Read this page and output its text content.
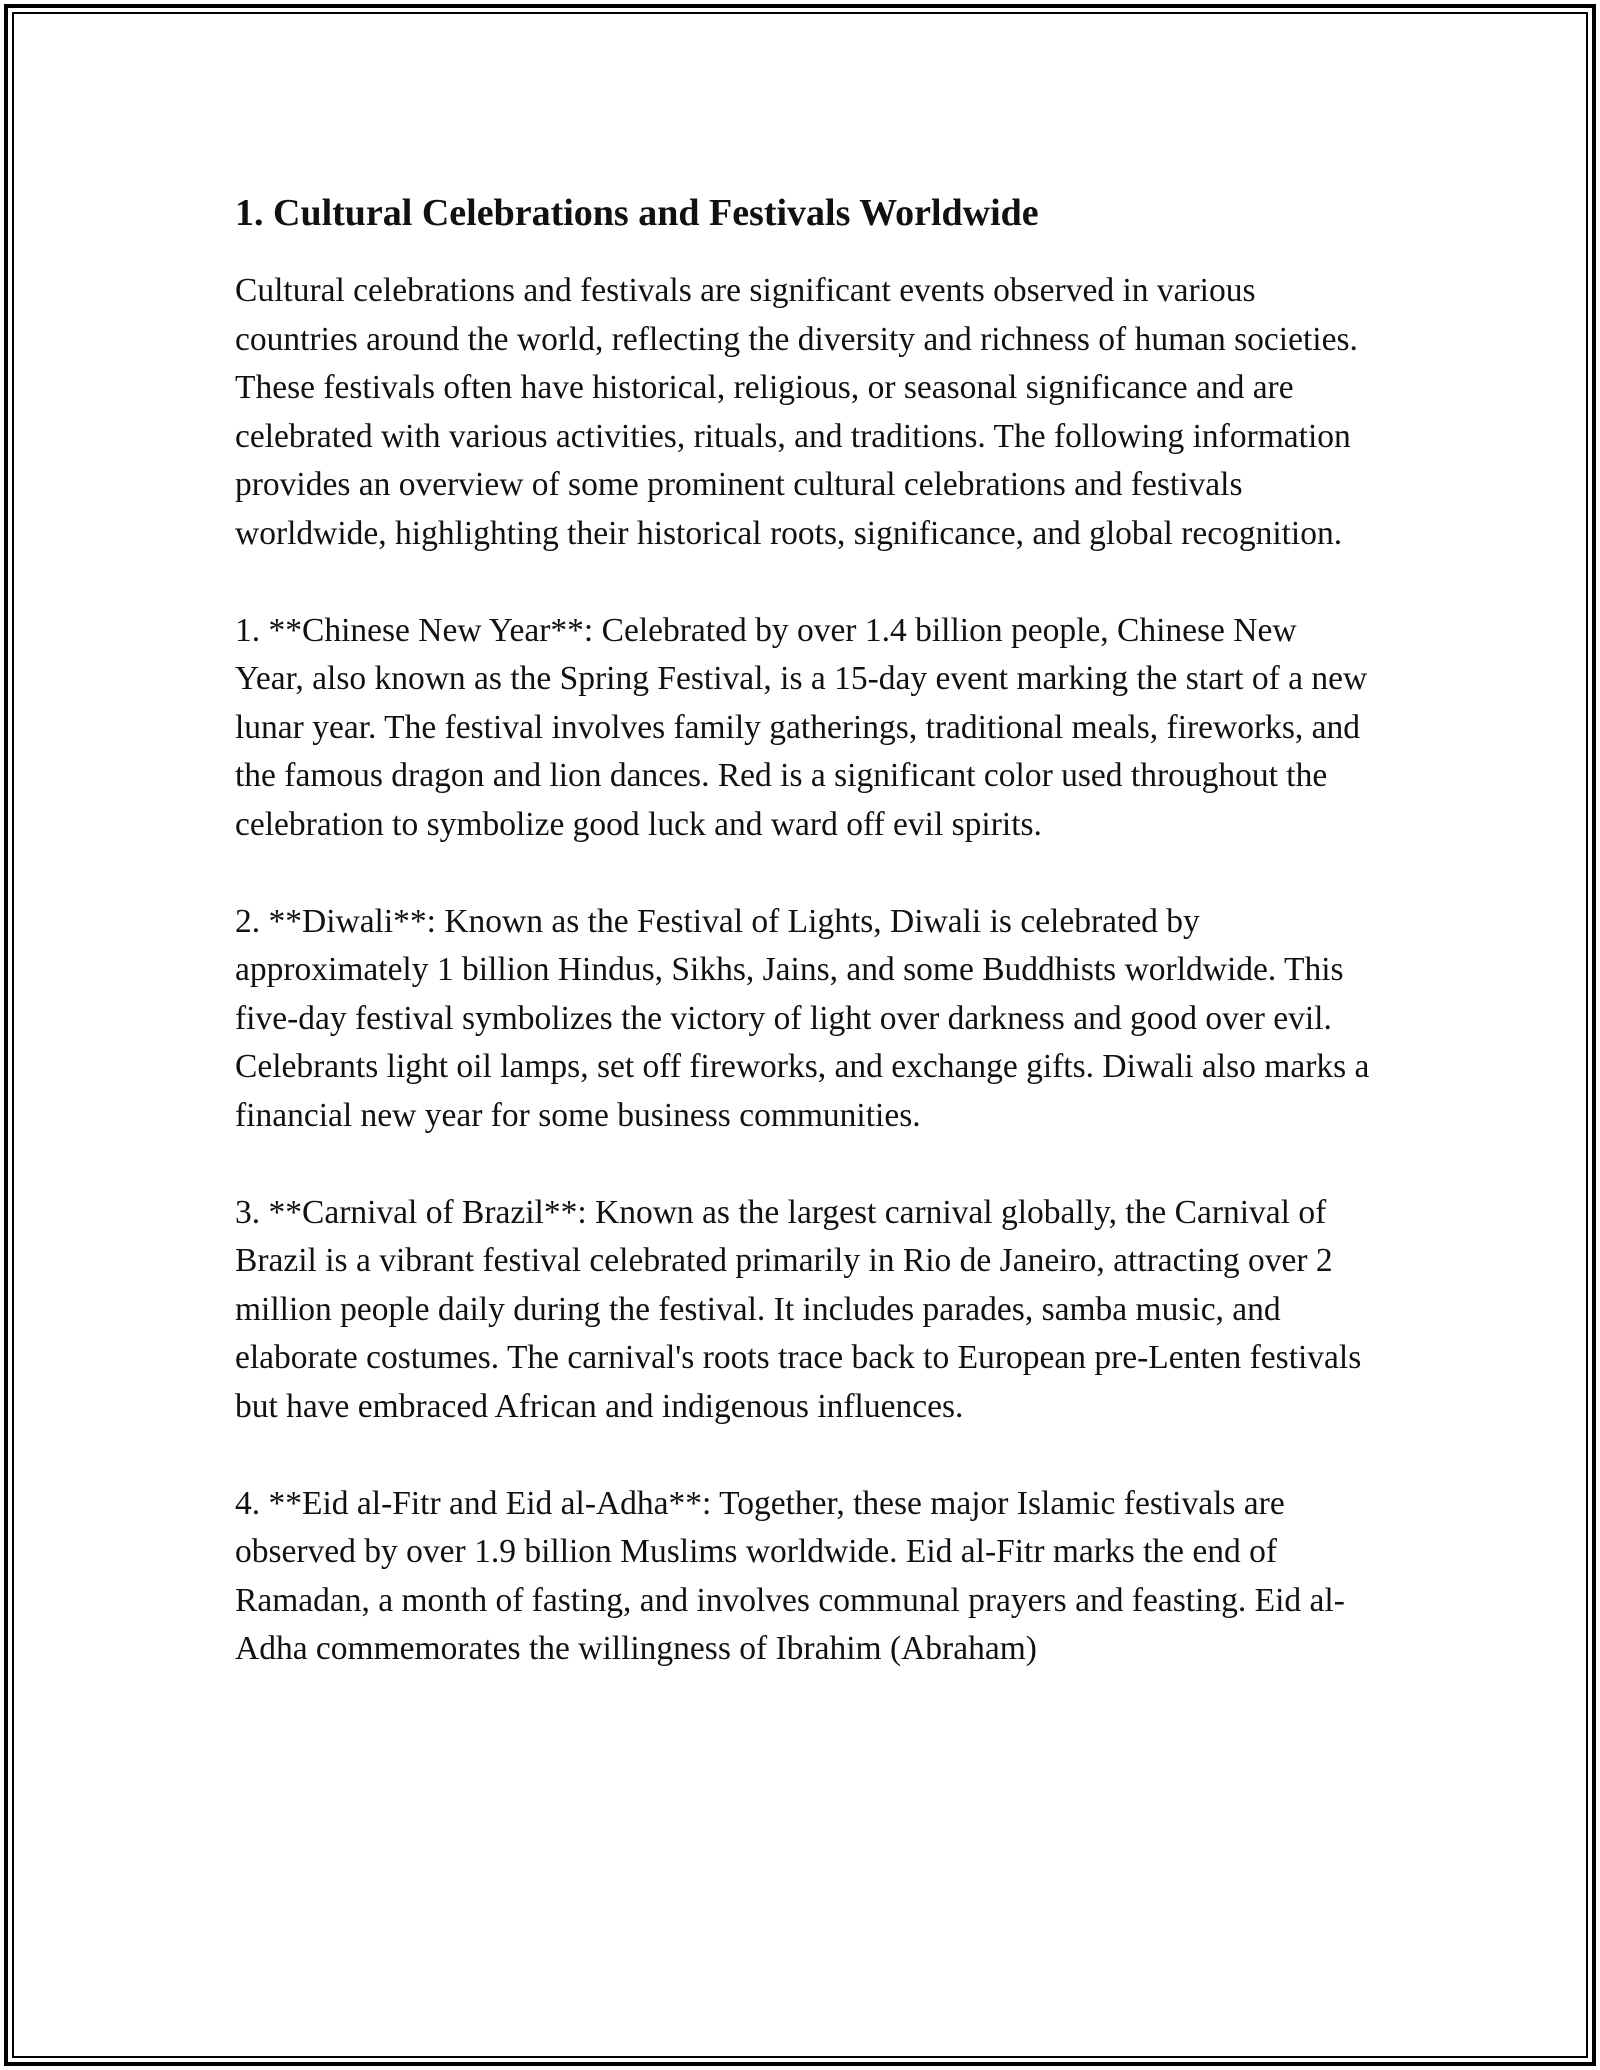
1. Cultural Celebrations and Festivals Worldwide

Cultural celebrations and festivals are significant events observed in various countries around the world, reflecting the diversity and richness of human societies. These festivals often have historical, religious, or seasonal significance and are celebrated with various activities, rituals, and traditions. The following information provides an overview of some prominent cultural celebrations and festivals worldwide, highlighting their historical roots, significance, and global recognition.

1. **Chinese New Year**: Celebrated by over 1.4 billion people, Chinese New Year, also known as the Spring Festival, is a 15-day event marking the start of a new lunar year. The festival involves family gatherings, traditional meals, fireworks, and the famous dragon and lion dances. Red is a significant color used throughout the celebration to symbolize good luck and ward off evil spirits.

2. **Diwali**: Known as the Festival of Lights, Diwali is celebrated by approximately 1 billion Hindus, Sikhs, Jains, and some Buddhists worldwide. This five-day festival symbolizes the victory of light over darkness and good over evil. Celebrants light oil lamps, set off fireworks, and exchange gifts. Diwali also marks a financial new year for some business communities.

3. **Carnival of Brazil**: Known as the largest carnival globally, the Carnival of Brazil is a vibrant festival celebrated primarily in Rio de Janeiro, attracting over 2 million people daily during the festival. It includes parades, samba music, and elaborate costumes. The carnival's roots trace back to European pre-Lenten festivals but have embraced African and indigenous influences.

4. **Eid al-Fitr and Eid al-Adha**: Together, these major Islamic festivals are observed by over 1.9 billion Muslims worldwide. Eid al-Fitr marks the end of Ramadan, a month of fasting, and involves communal prayers and feasting. Eid al-Adha commemorates the willingness of Ibrahim (Abraham)
